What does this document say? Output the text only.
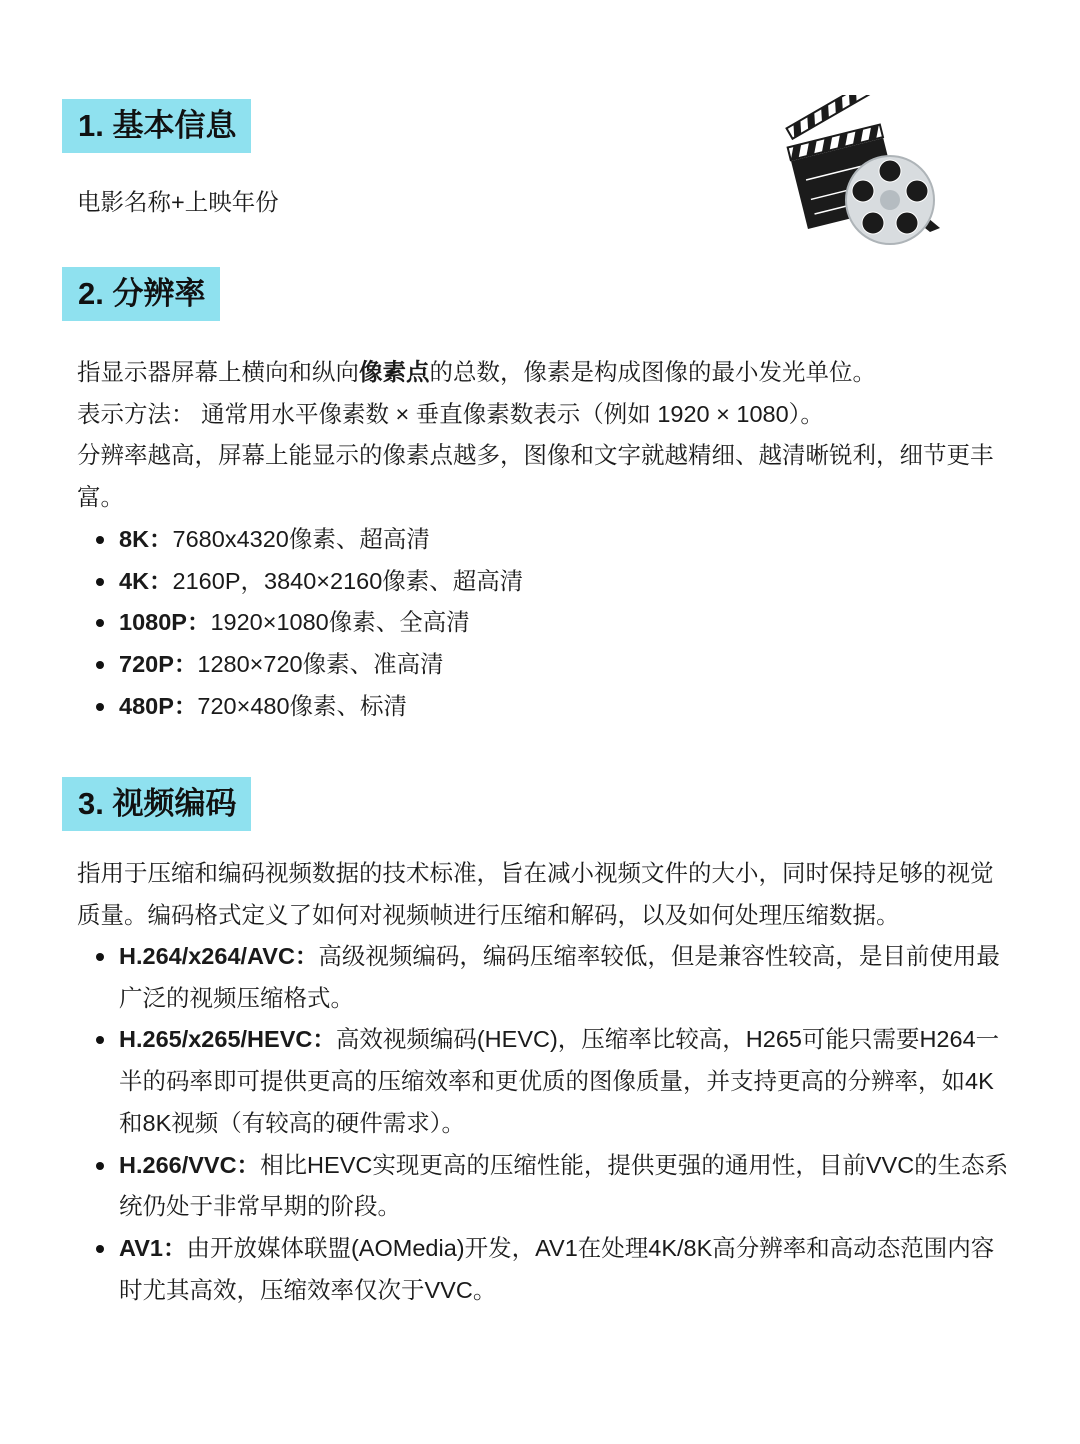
1. 基本信息

电影名称+上映年份

2. 分辨率

指显示器屏幕上横向和纵向像素点的总数，像素是构成图像的最小发光单位。

表示方法： 通常用水平像素数 × 垂直像素数表示（例如 1920 × 1080）。

分辨率越高，屏幕上能显示的像素点越多，图像和文字就越精细、越清晰锐利，细节更丰富。

8K：7680x4320像素、超高清
4K：2160P，3840×2160像素、超高清
1080P：1920×1080像素、全高清
720P：1280×720像素、准高清
480P：720×480像素、标清
3. 视频编码

指用于压缩和编码视频数据的技术标准，旨在减小视频文件的大小，同时保持足够的视觉质量。编码格式定义了如何对视频帧进行压缩和解码，以及如何处理压缩数据。

H.264/x264/AVC：高级视频编码，编码压缩率较低，但是兼容性较高，是目前使用最广泛的视频压缩格式。
H.265/x265/HEVC：高效视频编码(HEVC)，压缩率比较高，H265可能只需要H264一半的码率即可提供更高的压缩效率和更优质的图像质量，并支持更高的分辨率，如4K和8K视频（有较高的硬件需求）。
H.266/VVC：相比HEVC实现更高的压缩性能，提供更强的通用性，目前VVC的生态系统仍处于非常早期的阶段。
AV1：由开放媒体联盟(AOMedia)开发，AV1在处理4K/8K高分辨率和高动态范围内容时尤其高效，压缩效率仅次于VVC。
